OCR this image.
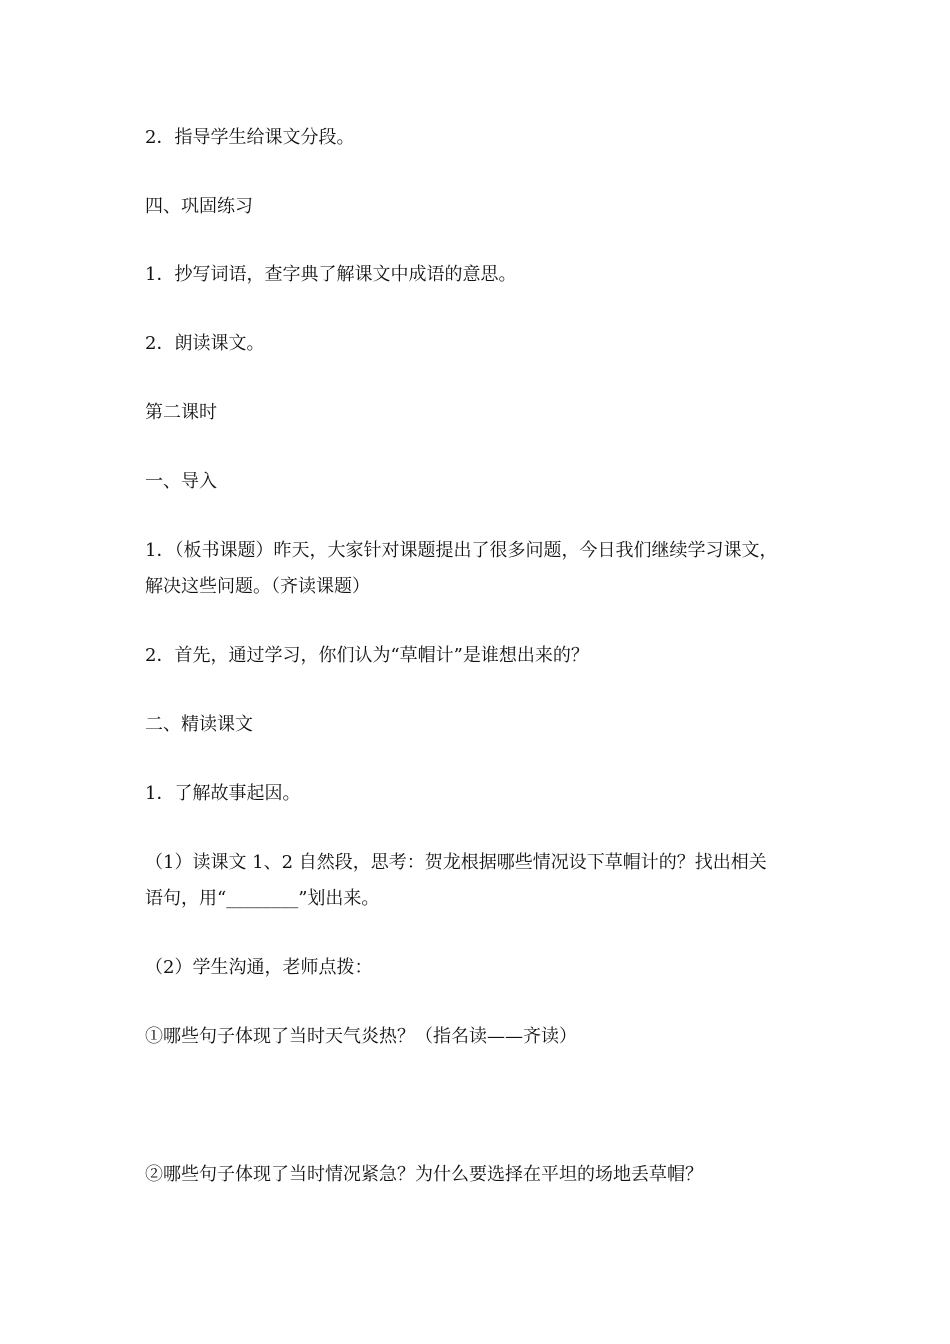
2．指导学生给课文分段。
四、巩固练习
1．抄写词语，查字典了解课文中成语的意思。
2．朗读课文。
第二课时
一、导入
1．（板书课题）昨天，大家针对课题提出了很多问题，今日我们继续学习课文，
解决这些问题。（齐读课题）
2．首先，通过学习，你们认为“草帽计”是谁想出来的？
二、精读课文
1．了解故事起因。
（1）读课文 1、2 自然段，思考：贺龙根据哪些情况设下草帽计的？找出相关
语句，用“________”划出来。
（2）学生沟通，老师点拨：
①哪些句子体现了当时天气炎热？（指名读——齐读）
②哪些句子体现了当时情况紧急？为什么要选择在平坦的场地丢草帽？
